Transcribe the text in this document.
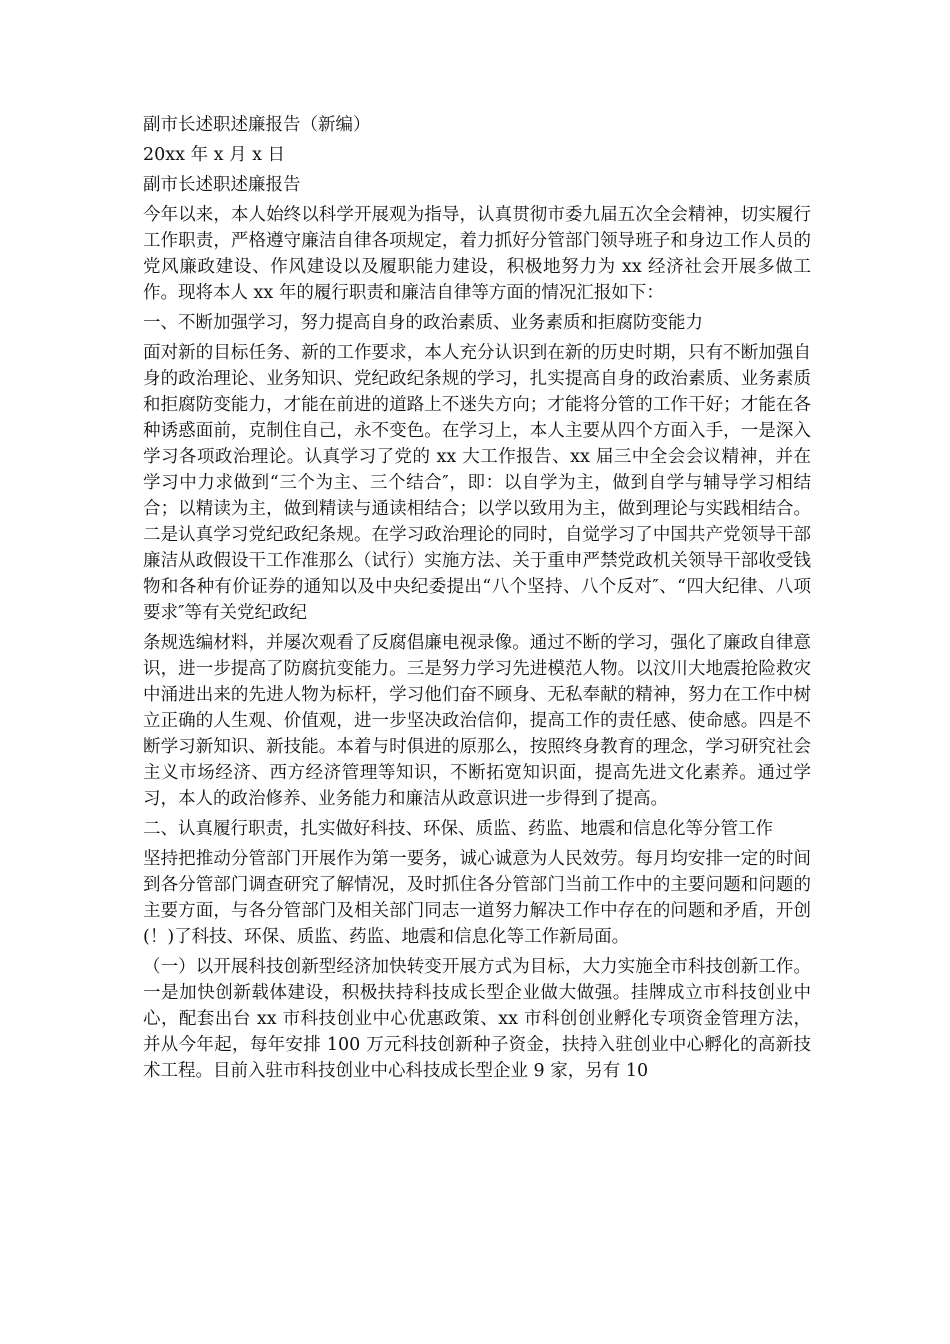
副市长述职述廉报告（新编）

20xx 年 x 月 x 日

副市长述职述廉报告

今年以来，本人始终以科学开展观为指导，认真贯彻市委九届五次全会精神，切实履行工作职责，严格遵守廉洁自律各项规定，着力抓好分管部门领导班子和身边工作人员的党风廉政建设、作风建设以及履职能力建设，积极地努力为 xx 经济社会开展多做工作。现将本人 xx 年的履行职责和廉洁自律等方面的情况汇报如下：

一、不断加强学习，努力提高自身的政治素质、业务素质和拒腐防变能力

面对新的目标任务、新的工作要求，本人充分认识到在新的历史时期，只有不断加强自身的政治理论、业务知识、党纪政纪条规的学习，扎实提高自身的政治素质、业务素质和拒腐防变能力，才能在前进的道路上不迷失方向；才能将分管的工作干好；才能在各种诱惑面前，克制住自己，永不变色。在学习上，本人主要从四个方面入手，一是深入学习各项政治理论。认真学习了党的 xx 大工作报告、xx 届三中全会会议精神，并在学习中力求做到“三个为主、三个结合″，即：以自学为主，做到自学与辅导学习相结合；以精读为主，做到精读与通读相结合；以学以致用为主，做到理论与实践相结合。二是认真学习党纪政纪条规。在学习政治理论的同时，自觉学习了中国共产党领导干部廉洁从政假设干工作准那么（试行）实施方法、关于重申严禁党政机关领导干部收受钱物和各种有价证券的通知以及中央纪委提出“八个坚持、八个反对″、“四大纪律、八项要求″等有关党纪政纪

条规选编材料，并屡次观看了反腐倡廉电视录像。通过不断的学习，强化了廉政自律意识，进一步提高了防腐抗变能力。三是努力学习先进模范人物。以汶川大地震抢险救灾中涌进出来的先进人物为标杆，学习他们奋不顾身、无私奉献的精神，努力在工作中树立正确的人生观、价值观，进一步坚决政治信仰，提高工作的责任感、使命感。四是不断学习新知识、新技能。本着与时俱进的原那么，按照终身教育的理念，学习研究社会主义市场经济、西方经济管理等知识，不断拓宽知识面，提高先进文化素养。通过学习，本人的政治修养、业务能力和廉洁从政意识进一步得到了提高。

二、认真履行职责，扎实做好科技、环保、质监、药监、地震和信息化等分管工作

坚持把推动分管部门开展作为第一要务，诚心诚意为人民效劳。每月均安排一定的时间到各分管部门调查研究了解情况，及时抓住各分管部门当前工作中的主要问题和问题的主要方面，与各分管部门及相关部门同志一道努力解决工作中存在的问题和矛盾，开创(！)了科技、环保、质监、药监、地震和信息化等工作新局面。

（一）以开展科技创新型经济加快转变开展方式为目标，大力实施全市科技创新工作。一是加快创新载体建设，积极扶持科技成长型企业做大做强。挂牌成立市科技创业中心，配套出台 xx 市科技创业中心优惠政策、xx 市科创创业孵化专项资金管理方法，并从今年起，每年安排 100 万元科技创新种子资金，扶持入驻创业中心孵化的高新技术工程。目前入驻市科技创业中心科技成长型企业 9 家，另有 10
